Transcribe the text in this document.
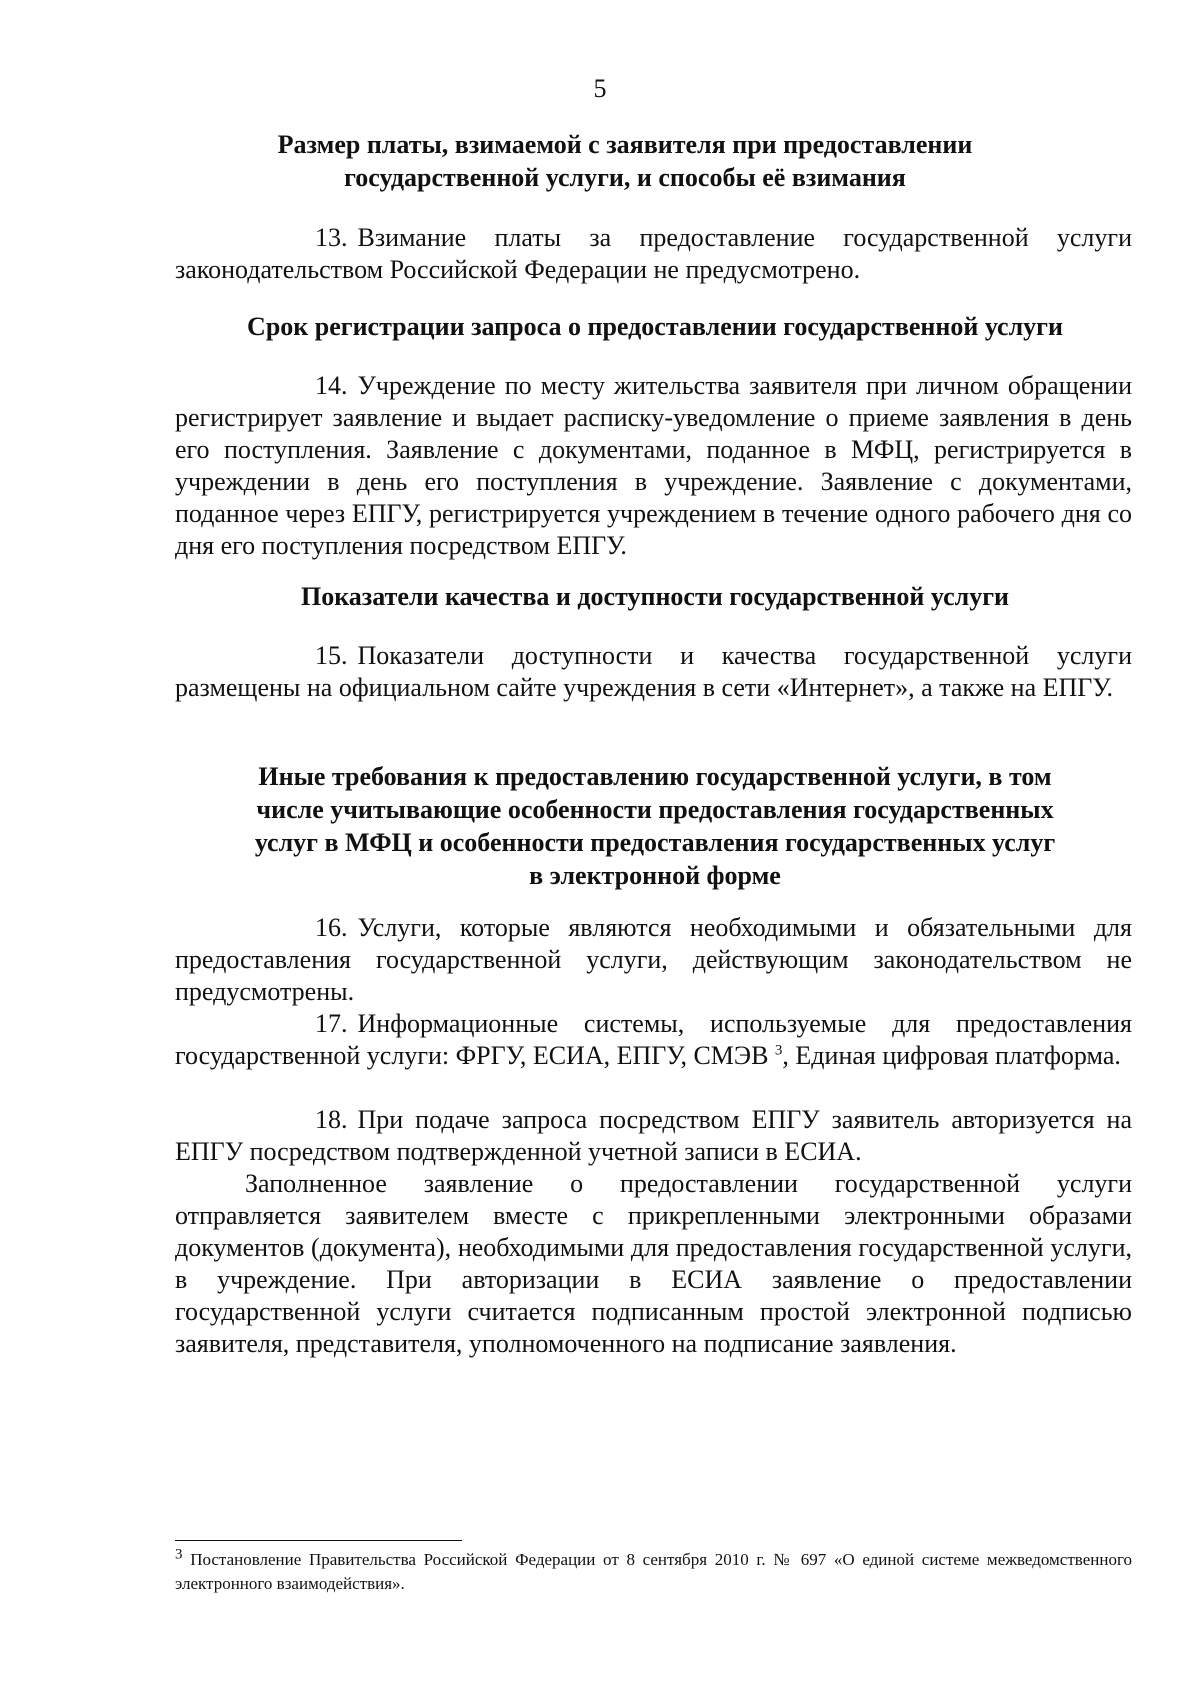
5
Размер платы, взимаемой с заявителя при предоставлении государственной услуги, и способы её взимания

13. Взимание платы за предоставление государственной услуги законодательством Российской Федерации не предусмотрено.

Срок регистрации запроса о предоставлении государственной услуги

14. Учреждение по месту жительства заявителя при личном обращении регистрирует заявление и выдает расписку-уведомление о приеме заявления в день его поступления. Заявление с документами, поданное в МФЦ, регистрируется в учреждении в день его поступления в учреждение. Заявление с документами, поданное через ЕПГУ, регистрируется учреждением в течение одного рабочего дня со дня его поступления посредством ЕПГУ.

Показатели качества и доступности государственной услуги

15. Показатели доступности и качества государственной услуги размещены на официальном сайте учреждения в сети «Интернет», а также на ЕПГУ.

Иные требования к предоставлению государственной услуги, в том
числе учитывающие особенности предоставления государственных
услуг в МФЦ и особенности предоставления государственных услуг
в электронной форме

16. Услуги, которые являются необходимыми и обязательными для предоставления государственной услуги, действующим законодательством не предусмотрены.

17. Информационные системы, используемые для предоставления государственной услуги: ФРГУ, ЕСИА, ЕПГУ, СМЭВ $^3$, Единая цифровая платформа.

18. При подаче запроса посредством ЕПГУ заявитель авторизуется на ЕПГУ посредством подтвержденной учетной записи в ЕСИА.

Заполненное заявление о предоставлении государственной услуги отправляется заявителем вместе с прикрепленными электронными образами документов (документа), необходимыми для предоставления государственной услуги, в учреждение. При авторизации в ЕСИА заявление о предоставлении государственной услуги считается подписанным простой электронной подписью заявителя, представителя, уполномоченного на подписание заявления.

3 Постановление Правительства Российской Федерации от 8 сентября 2010 г. № 697 «О единой системе межведомственного электронного взаимодействия».
